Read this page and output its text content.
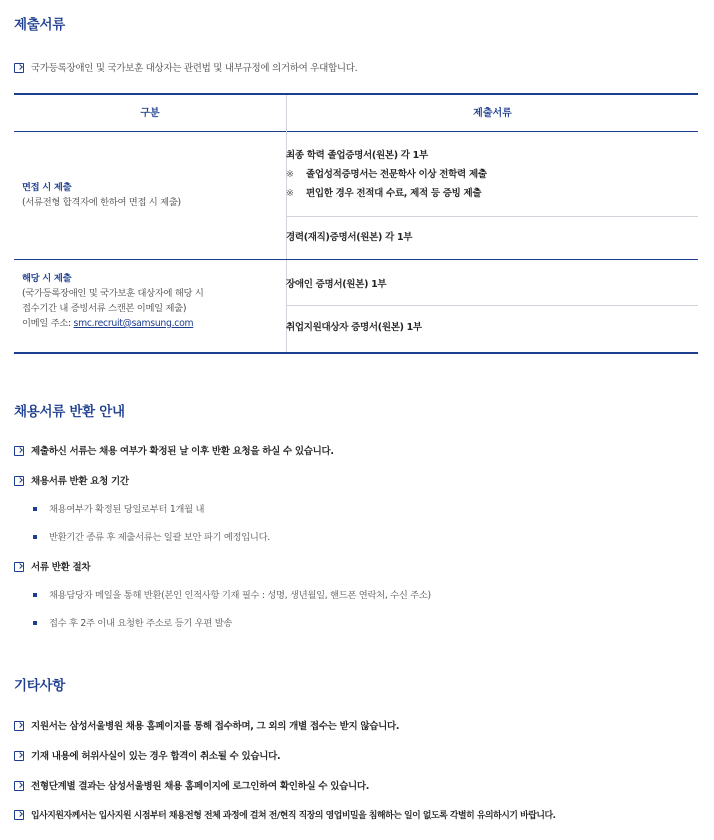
제출서류
국가등록장애인 및 국가보훈 대상자는 관련법 및 내부규정에 의거하여 우대합니다.
구분	제출서류
면접 시 제출
(서류전형 합격자에 한하여 면접 시 제출)
최종 학력 졸업증명서(원본) 각 1부
※ 졸업성적증명서는 전문학사 이상 전학력 제출
※ 편입한 경우 전적대 수료, 제적 등 증빙 제출
경력(재직)증명서(원본) 각 1부
해당 시 제출
(국가등록장애인 및 국가보훈 대상자에 해당 시
접수기간 내 증빙서류 스캔본 이메일 제출)
이메일 주소: smc.recruit@samsung.com
장애인 증명서(원본) 1부
취업지원대상자 증명서(원본) 1부
채용서류 반환 안내
제출하신 서류는 채용 여부가 확정된 날 이후 반환 요청을 하실 수 있습니다.
채용서류 반환 요청 기간
채용여부가 확정된 당일로부터 1개월 내
반환기간 종류 후 제출서류는 일괄 보안 파기 예정입니다.
서류 반환 절차
채용담당자 메일을 통해 반환(본인 인적사항 기재 필수 : 성명, 생년월일, 핸드폰 연락처, 수신 주소)
접수 후 2주 이내 요청한 주소로 등기 우편 발송
기타사항
지원서는 삼성서울병원 채용 홈페이지를 통해 접수하며, 그 외의 개별 접수는 받지 않습니다.
기재 내용에 허위사실이 있는 경우 합격이 취소될 수 있습니다.
전형단계별 결과는 삼성서울병원 채용 홈페이지에 로그인하여 확인하실 수 있습니다.
입사지원자께서는 입사지원 시점부터 채용전형 전체 과정에 걸쳐 전/현직 직장의 영업비밀을 침해하는 일이 없도록 각별히 유의하시기 바랍니다.
